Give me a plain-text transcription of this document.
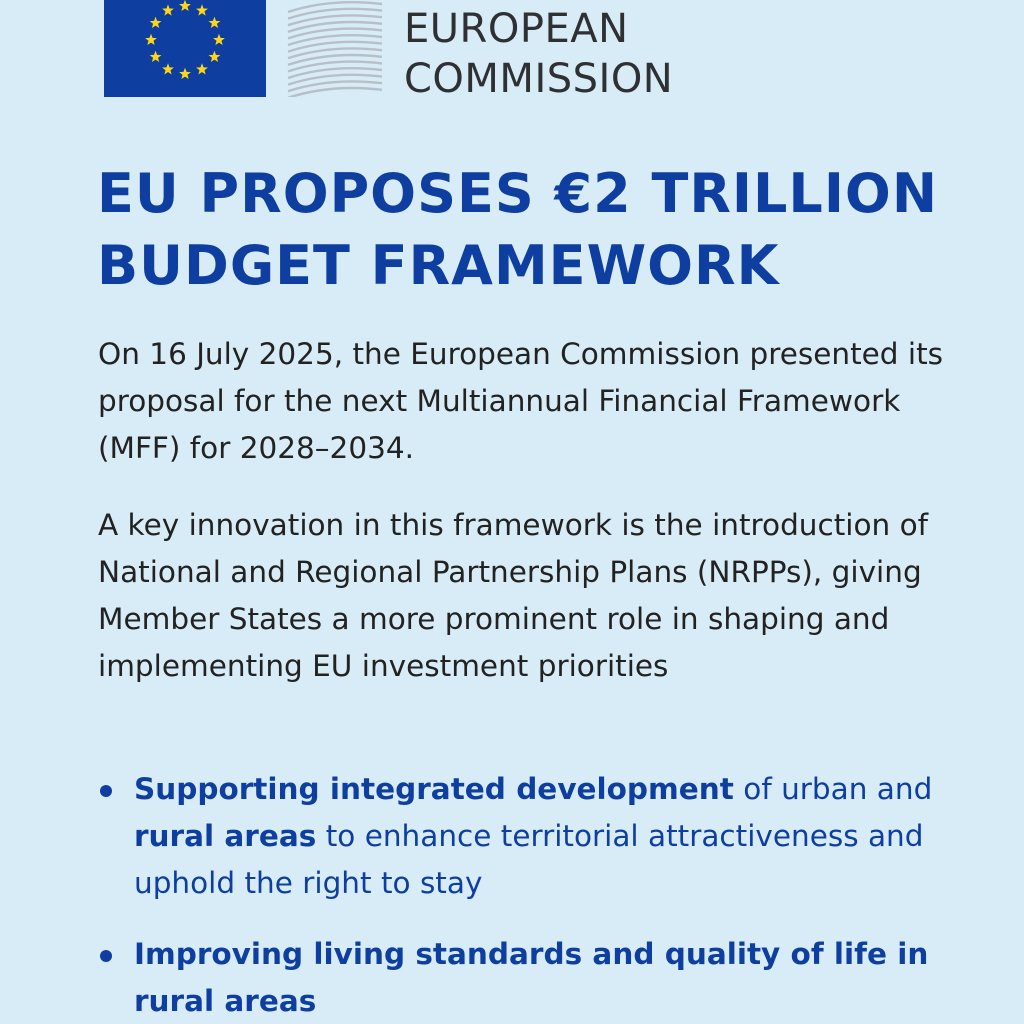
EUROPEAN
COMMISSION
EU PROPOSES €2 TRILLION BUDGET FRAMEWORK

On 16 July 2025, the European Commission presented its proposal for the next Multiannual Financial Framework (MFF) for 2028–2034.

A key innovation in this framework is the introduction of National and Regional Partnership Plans (NRPPs), giving Member States a more prominent role in shaping and implementing EU investment priorities

Supporting integrated development of urban and rural areas to enhance territorial attractiveness and uphold the right to stay
Improving living standards and quality of life in rural areas
